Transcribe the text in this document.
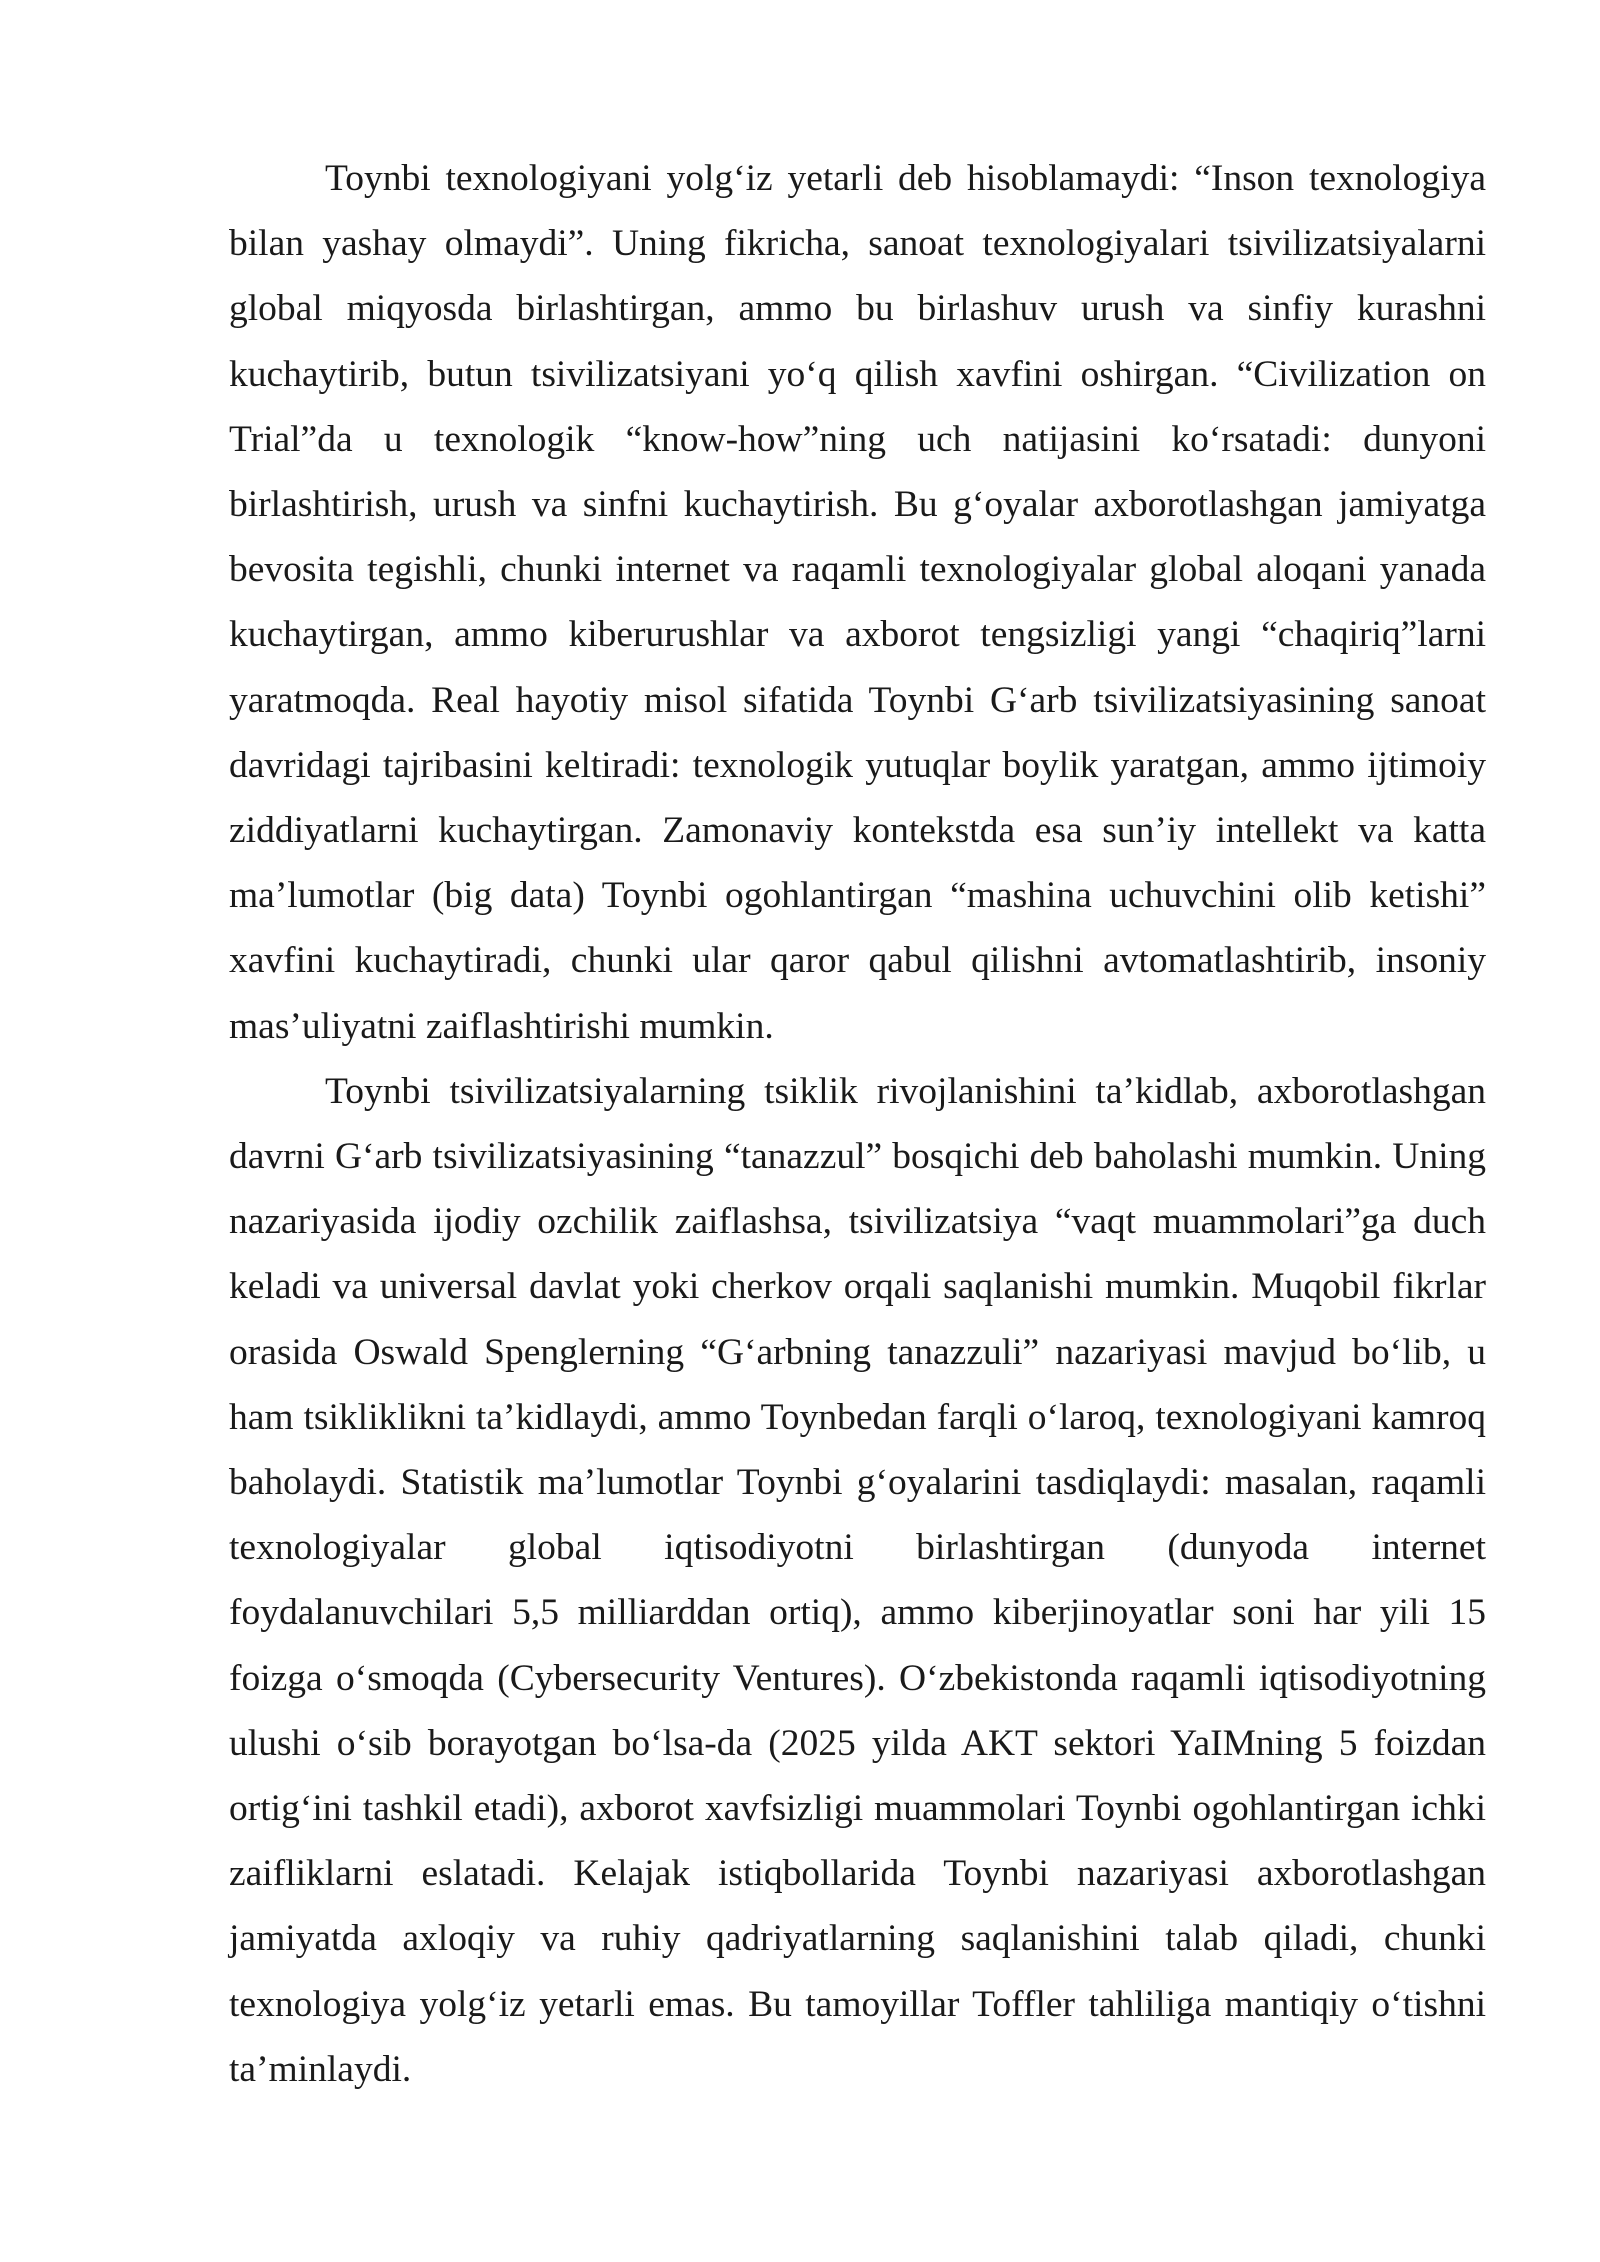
Toynbi texnologiyani yolg‘iz yetarli deb hisoblamaydi: “Inson texnologiya bilan yashay olmaydi”. Uning fikricha, sanoat texnologiyalari tsivilizatsiyalarni global miqyosda birlashtirgan, ammo bu birlashuv urush va sinfiy kurashni kuchaytirib, butun tsivilizatsiyani yo‘q qilish xavfini oshirgan. “Civilization on Trial”da u texnologik “know-how”ning uch natijasini ko‘rsatadi: dunyoni birlashtirish, urush va sinfni kuchaytirish. Bu g‘oyalar axborotlashgan jamiyatga bevosita tegishli, chunki internet va raqamli texnologiyalar global aloqani yanada kuchaytirgan, ammo kiberurushlar va axborot tengsizligi yangi “chaqiriq”larni yaratmoqda. Real hayotiy misol sifatida Toynbi G‘arb tsivilizatsiyasining sanoat davridagi tajribasini keltiradi: texnologik yutuqlar boylik yaratgan, ammo ijtimoiy ziddiyatlarni kuchaytirgan. Zamonaviy kontekstda esa sun’iy intellekt va katta ma’lumotlar (big data) Toynbi ogohlantirgan “mashina uchuvchini olib ketishi” xavfini kuchaytiradi, chunki ular qaror qabul qilishni avtomatlashtirib, insoniy mas’uliyatni zaiflashtirishi mumkin.

Toynbi tsivilizatsiyalarning tsiklik rivojlanishini ta’kidlab, axborotlashgan davrni G‘arb tsivilizatsiyasining “tanazzul” bosqichi deb baholashi mumkin. Uning nazariyasida ijodiy ozchilik zaiflashsa, tsivilizatsiya “vaqt muammolari”ga duch keladi va universal davlat yoki cherkov orqali saqlanishi mumkin. Muqobil fikrlar orasida Oswald Spenglerning “G‘arbning tanazzuli” nazariyasi mavjud bo‘lib, u ham tsikliklikni ta’kidlaydi, ammo Toynbedan farqli o‘laroq, texnologiyani kamroq baholaydi. Statistik ma’lumotlar Toynbi g‘oyalarini tasdiqlaydi: masalan, raqamli texnologiyalar global iqtisodiyotni birlashtirgan (dunyoda internet foydalanuvchilari 5,5 milliarddan ortiq), ammo kiberjinoyatlar soni har yili 15 foizga o‘smoqda (Cybersecurity Ventures). O‘zbekistonda raqamli iqtisodiyotning ulushi o‘sib borayotgan bo‘lsa-da (2025 yilda AKT sektori YaIMning 5 foizdan ortig‘ini tashkil etadi), axborot xavfsizligi muammolari Toynbi ogohlantirgan ichki zaifliklarni eslatadi. Kelajak istiqbollarida Toynbi nazariyasi axborotlashgan jamiyatda axloqiy va ruhiy qadriyatlarning saqlanishini talab qiladi, chunki texnologiya yolg‘iz yetarli emas. Bu tamoyillar Toffler tahliliga mantiqiy o‘tishni ta’minlaydi.
